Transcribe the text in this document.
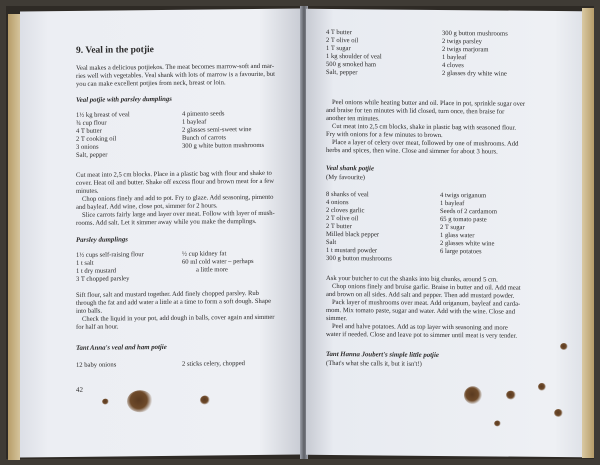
9. Veal in the potjie
Veal makes a delicious potjiekos. The meat becomes marrow-soft and mar-
ries well with vegetables. Veal shank with lots of marrow is a favourite, but
you can make excellent potjies from neck, breast or loin.
Veal potjie with parsley dumplings
1½ kg breast of veal
¾ cup flour
4 T butter
2 T cooking oil
3 onions
Salt, pepper
4 pimento seeds
1 bayleaf
2 glasses semi-sweet wine
Bunch of carrots
300 g white button mushrooms
Cut meat into 2,5 cm blocks. Place in a plastic bag with flour and shake to
cover. Heat oil and butter. Shake off excess flour and brown meat for a few
minutes.
Chop onions finely and add to pot. Fry to glaze. Add seasoning, pimento
and bayleaf. Add wine, close pot, simmer for 2 hours.
Slice carrots fairly large and layer over meat. Follow with layer of mush-
rooms. Add salt. Let it simmer away while you make the dumplings.
Parsley dumplings
1½ cups self-raising flour
1 t salt
1 t dry mustard
3 T chopped parsley
½ cup kidney fat
60 ml cold water – perhaps
a little more
Sift flour, salt and mustard together. Add finely chopped parsley. Rub
through the fat and add water a little at a time to form a soft dough. Shape
into balls.
Check the liquid in your pot, add dough in balls, cover again and simmer
for half an hour.
Tant Anna's veal and ham potjie
12 baby onions	2 sticks celery, chopped
42
4 T butter
2 T olive oil
1 T sugar
1 kg shoulder of veal
500 g smoked ham
Salt, pepper
300 g button mushrooms
2 twigs parsley
2 twigs marjoram
1 bayleaf
4 cloves
2 glasses dry white wine
Peel onions while heating butter and oil. Place in pot, sprinkle sugar over
and braise for ten minutes with lid closed, turn once, then braise for
another ten minutes.
Cut meat into 2,5 cm blocks, shake in plastic bag with seasoned flour.
Fry with onions for a few minutes to brown.
Place a layer of celery over meat, followed by one of mushrooms. Add
herbs and spices, then wine. Close and simmer for about 3 hours.
Veal shank potjie
(My favourite)
8 shanks of veal
4 onions
2 cloves garlic
2 T olive oil
2 T butter
Milled black pepper
Salt
1 t mustard powder
300 g button mushrooms
4 twigs origanum
1 bayleaf
Seeds of 2 cardamom
65 g tomato paste
2 T sugar
1 glass water
2 glasses white wine
6 large potatoes
Ask your butcher to cut the shanks into big chunks, around 5 cm.
Chop onions finely and bruise garlic. Braise in butter and oil. Add meat
and brown on all sides. Add salt and pepper. Then add mustard powder.
Pack layer of mushrooms over meat. Add origanum, bayleaf and carda-
mom. Mix tomato paste, sugar and water. Add with the wine. Close and
simmer.
Peel and halve potatoes. Add as top layer with seasoning and more
water if needed. Close and leave pot to simmer until meat is very tender.
Tant Hanna Joubert's simple little potjie
(That's what she calls it, but it isn't!)
